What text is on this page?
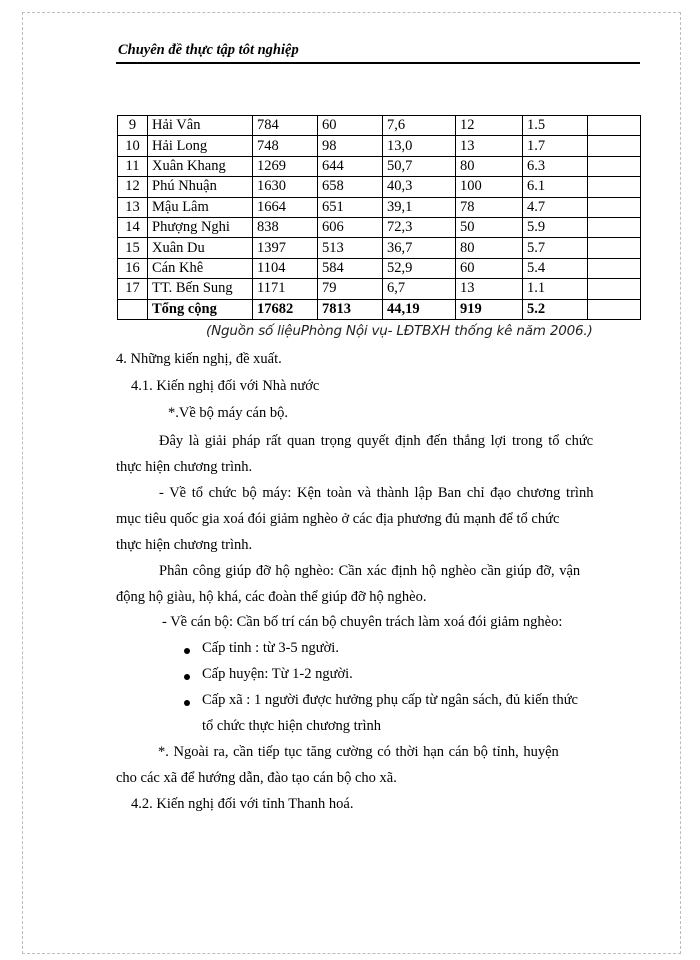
Chuyên đề thực tập tôt nghiệp
9	Hải Vân	784	60	7,6	12	1.5	
10	Hải Long	748	98	13,0	13	1.7	
11	Xuân Khang	1269	644	50,7	80	6.3	
12	Phú Nhuận	1630	658	40,3	100	6.1	
13	Mậu Lâm	1664	651	39,1	78	4.7	
14	Phượng Nghi	838	606	72,3	50	5.9	
15	Xuân Du	1397	513	36,7	80	5.7	
16	Cán Khê	1104	584	52,9	60	5.4	
17	TT. Bến Sung	1171	79	6,7	13	1.1	
	Tổng cộng	17682	7813	44,19	919	5.2	
(Nguồn số liệuPhòng Nội vụ- LĐTBXH thống kê năm 2006.)
4. Những kiến nghị, đề xuất.
4.1. Kiến nghị đối với Nhà nước
*.Về bộ máy cán bộ.
Đây là giải pháp rất quan trọng quyết định đến thắng lợi trong tổ chức
thực hiện chương trình.
- Về tổ chức bộ máy: Kện toàn và thành lập Ban chỉ đạo chương trình
mục tiêu quốc gia xoá đói giảm nghèo ở các địa phương đủ mạnh để tổ chức
thực hiện chương trình.
Phân công giúp đỡ hộ nghèo: Cần xác định hộ nghèo cần giúp đỡ, vận
động hộ giàu, hộ khá, các đoàn thể giúp đỡ hộ nghèo.
- Về cán bộ: Cần bố trí cán bộ chuyên trách làm xoá đói giảm nghèo:
Cấp tỉnh : từ 3-5 người.
Cấp huyện: Từ 1-2 người.
Cấp xã : 1 người được hưởng phụ cấp từ ngân sách, đủ kiến thức
tổ chức thực hiện chương trình
*. Ngoài ra, cần tiếp tục tăng cường có thời hạn cán bộ tỉnh, huyện
cho các xã để hướng dẫn, đào tạo cán bộ cho xã.
4.2. Kiến nghị đối với tỉnh Thanh hoá.
